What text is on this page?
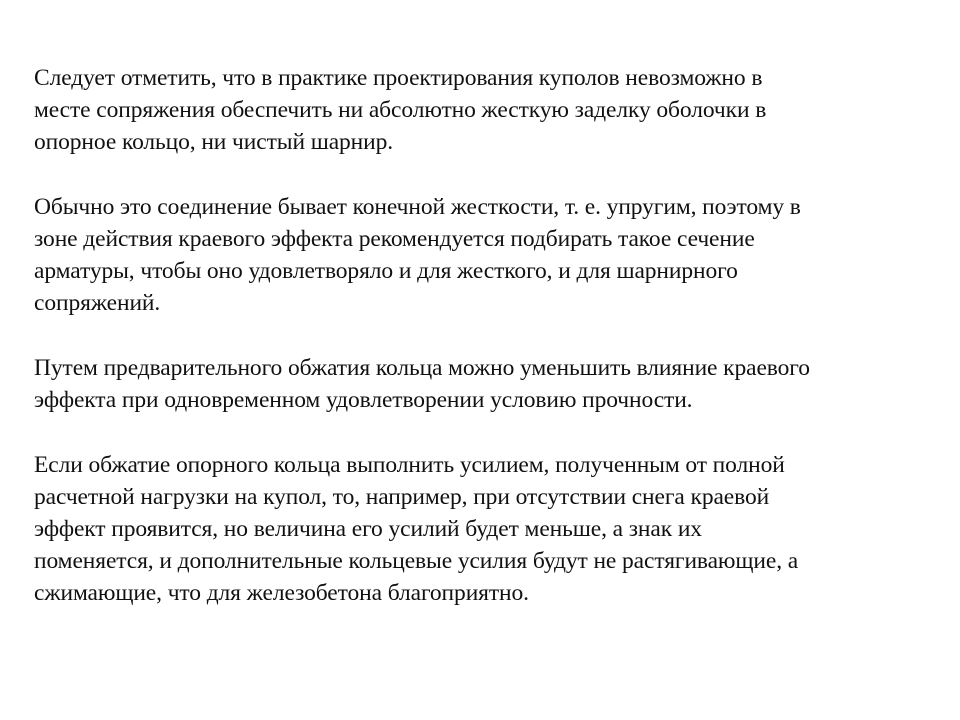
Следует отметить, что в практике проектирования куполов невозможно в
месте сопряжения обеспечить ни абсолютно жесткую заделку оболочки в
опорное кольцо, ни чистый шарнир.

Обычно это соединение бывает конечной жесткости, т. е. упругим, поэтому в
зоне действия краевого эффекта рекомендуется подбирать такое сечение
арматуры, чтобы оно удовлетворяло и для жесткого, и для шарнирного
сопряжений.

Путем предварительного обжатия кольца можно уменьшить влияние краевого
эффекта при одновременном удовлетворении условию прочности.

Если обжатие опорного кольца выполнить усилием, полученным от полной
расчетной нагрузки на купол, то, например, при отсутствии снега краевой
эффект проявится, но величина его усилий будет меньше, а знак их
поменяется, и дополнительные кольцевые усилия будут не растягивающие, а
сжимающие, что для железобетона благоприятно.
